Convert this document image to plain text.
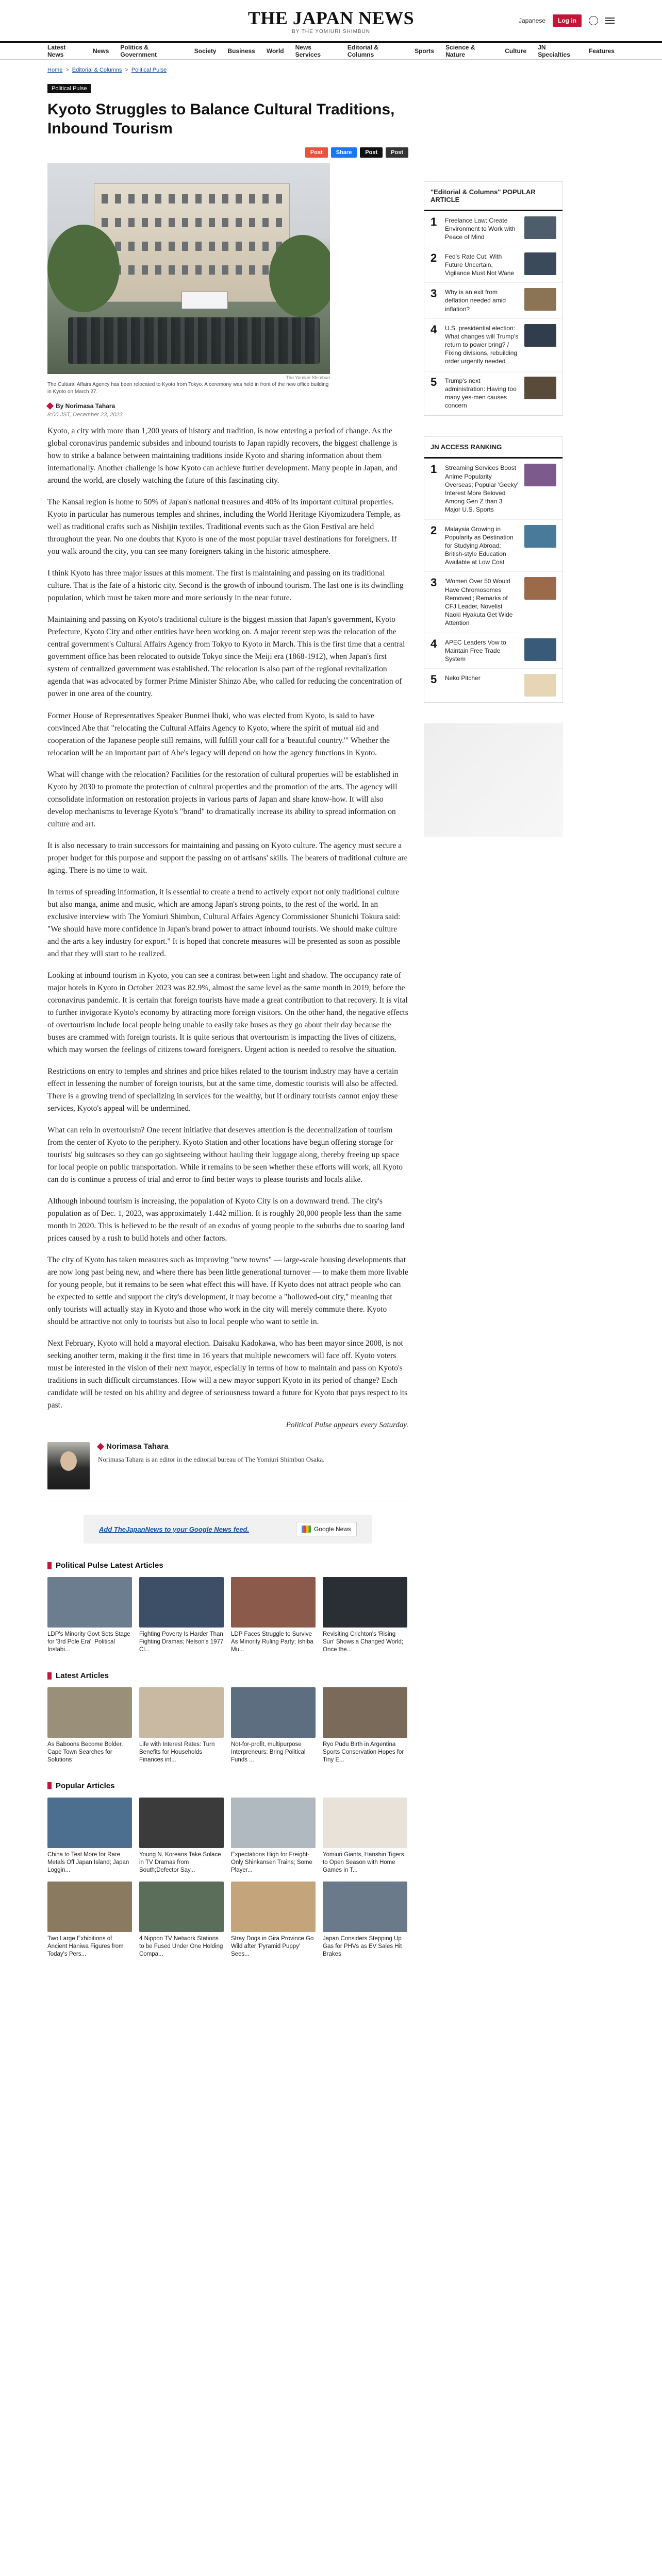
THE JAPAN NEWS
BY THE YOMIURI SHIMBUN
Japanese	Log in
Latest News	News Politics & Government	Society Business World News Services
Editorial & Columns	Sports Science & Nature	Culture JN Specialties	Features
Home > Editorial & Columns > Political Pulse
Political Pulse
Kyoto Struggles to Balance Cultural Traditions, Inbound Tourism
Post	Share	Post	Post
The Yomiuri Shimbun
The Cultural Affairs Agency has been relocated to Kyoto from Tokyo. A ceremony was held in front of the new office building in Kyoto on March 27.
By Norimasa Tahara
8:00 JST, December 23, 2023

Kyoto, a city with more than 1,200 years of history and tradition, is now entering a period of change. As the global coronavirus pandemic subsides and inbound tourists to Japan rapidly recovers, the biggest challenge is how to strike a balance between maintaining traditions inside Kyoto and sharing information about them internationally. Another challenge is how Kyoto can achieve further development. Many people in Japan, and around the world, are closely watching the future of this fascinating city.

The Kansai region is home to 50% of Japan's national treasures and 40% of its important cultural properties. Kyoto in particular has numerous temples and shrines, including the World Heritage Kiyomizudera Temple, as well as traditional crafts such as Nishijin textiles. Traditional events such as the Gion Festival are held throughout the year. No one doubts that Kyoto is one of the most popular travel destinations for foreigners. If you walk around the city, you can see many foreigners taking in the historic atmosphere.

I think Kyoto has three major issues at this moment. The first is maintaining and passing on its traditional culture. That is the fate of a historic city. Second is the growth of inbound tourism. The last one is its dwindling population, which must be taken more and more seriously in the near future.

Maintaining and passing on Kyoto's traditional culture is the biggest mission that Japan's government, Kyoto Prefecture, Kyoto City and other entities have been working on. A major recent step was the relocation of the central government's Cultural Affairs Agency from Tokyo to Kyoto in March. This is the first time that a central government office has been relocated to outside Tokyo since the Meiji era (1868-1912), when Japan's first system of centralized government was established. The relocation is also part of the regional revitalization agenda that was advocated by former Prime Minister Shinzo Abe, who called for reducing the concentration of power in one area of the country.

Former House of Representatives Speaker Bunmei Ibuki, who was elected from Kyoto, is said to have convinced Abe that "relocating the Cultural Affairs Agency to Kyoto, where the spirit of mutual aid and cooperation of the Japanese people still remains, will fulfill your call for a 'beautiful country.'" Whether the relocation will be an important part of Abe's legacy will depend on how the agency functions in Kyoto.

What will change with the relocation? Facilities for the restoration of cultural properties will be established in Kyoto by 2030 to promote the protection of cultural properties and the promotion of the arts. The agency will consolidate information on restoration projects in various parts of Japan and share know-how. It will also develop mechanisms to leverage Kyoto's "brand" to dramatically increase its ability to spread information on culture and art.

It is also necessary to train successors for maintaining and passing on Kyoto culture. The agency must secure a proper budget for this purpose and support the passing on of artisans' skills. The bearers of traditional culture are aging. There is no time to wait.

In terms of spreading information, it is essential to create a trend to actively export not only traditional culture but also manga, anime and music, which are among Japan's strong points, to the rest of the world. In an exclusive interview with The Yomiuri Shimbun, Cultural Affairs Agency Commissioner Shunichi Tokura said: "We should have more confidence in Japan's brand power to attract inbound tourists. We should make culture and the arts a key industry for export." It is hoped that concrete measures will be presented as soon as possible and that they will start to be realized.

Looking at inbound tourism in Kyoto, you can see a contrast between light and shadow. The occupancy rate of major hotels in Kyoto in October 2023 was 82.9%, almost the same level as the same month in 2019, before the coronavirus pandemic. It is certain that foreign tourists have made a great contribution to that recovery. It is vital to further invigorate Kyoto's economy by attracting more foreign visitors. On the other hand, the negative effects of overtourism include local people being unable to easily take buses as they go about their day because the buses are crammed with foreign tourists. It is quite serious that overtourism is impacting the lives of citizens, which may worsen the feelings of citizens toward foreigners. Urgent action is needed to resolve the situation.

Restrictions on entry to temples and shrines and price hikes related to the tourism industry may have a certain effect in lessening the number of foreign tourists, but at the same time, domestic tourists will also be affected. There is a growing trend of specializing in services for the wealthy, but if ordinary tourists cannot enjoy these services, Kyoto's appeal will be undermined.

What can rein in overtourism? One recent initiative that deserves attention is the decentralization of tourism from the center of Kyoto to the periphery. Kyoto Station and other locations have begun offering storage for tourists' big suitcases so they can go sightseeing without hauling their luggage along, thereby freeing up space for local people on public transportation. While it remains to be seen whether these efforts will work, all Kyoto can do is continue a process of trial and error to find better ways to please tourists and locals alike.

Although inbound tourism is increasing, the population of Kyoto City is on a downward trend. The city's population as of Dec. 1, 2023, was approximately 1.442 million. It is roughly 20,000 people less than the same month in 2020. This is believed to be the result of an exodus of young people to the suburbs due to soaring land prices caused by a rush to build hotels and other factors.

The city of Kyoto has taken measures such as improving "new towns" — large-scale housing developments that are now long past being new, and where there has been little generational turnover — to make them more livable for young people, but it remains to be seen what effect this will have. If Kyoto does not attract people who can be expected to settle and support the city's development, it may become a "hollowed-out city," meaning that only tourists will actually stay in Kyoto and those who work in the city will merely commute there. Kyoto should be attractive not only to tourists but also to local people who want to settle in.

Next February, Kyoto will hold a mayoral election. Daisaku Kadokawa, who has been mayor since 2008, is not seeking another term, making it the first time in 16 years that multiple newcomers will face off. Kyoto voters must be interested in the vision of their next mayor, especially in terms of how to maintain and pass on Kyoto's traditions in such difficult circumstances. How will a new mayor support Kyoto in its period of change? Each candidate will be tested on his ability and degree of seriousness toward a future for Kyoto that pays respect to its past.

Political Pulse appears every Saturday.

Norimasa Tahara
Norimasa Tahara is an editor in the editorial bureau of The Yomiuri Shimbun Osaka.
Add TheJapanNews to your Google News feed.	Google News
Political Pulse Latest Articles
LDP's Minority Govt Sets Stage for '3rd Pole Era'; Political Instabi...
Fighting Poverty Is Harder Than Fighting Dramas; Nelson's 1977 Cl...
LDP Faces Struggle to Survive As Minority Ruling Party; Ishiba Mu...
Revisiting Crichton's 'Rising Sun' Shows a Changed World; Once the...
Latest Articles
As Baboons Become Bolder, Cape Town Searches for Solutions
Life with Interest Rates: Turn Benefits for Households Finances int...
Not-for-profit, multipurpose Interpreneurs: Bring Political Funds ...
Ryo Pudu Birth in Argentina Sports Conservation Hopes for Tiny E...
Popular Articles
China to Test More for Rare Metals Off Japan Island; Japan Loggin...
Young N. Koreans Take Solace in TV Dramas from South;Defector Say...
Expectations High for Freight-Only Shinkansen Trains; Some Player...
Yomiuri Giants, Hanshin Tigers to Open Season with Home Games in T...
Two Large Exhibitions of Ancient Haniwa Figures from Today's Pers...
4 Nippon TV Network Stations to be Fused Under One Holding Compa...
Stray Dogs in Gira Province Go Wild after 'Pyramid Puppy' Sees...
Japan Considers Stepping Up Gas for PHVs as EV Sales Hit Brakes
"Editorial & Columns" POPULAR ARTICLE
1	Freelance Law: Create Environment to Work with Peace of Mind
2	Fed's Rate Cut: With Future Uncertain, Vigilance Must Not Wane
3	Why is an exit from deflation needed amid inflation?
4	U.S. presidential election: What changes will Trump's return to power bring? / Fixing divisions, rebuilding order urgently needed
5	Trump's next administration: Having too many yes-men causes concern
JN ACCESS RANKING
1	Streaming Services Boost Anime Popularity Overseas; Popular 'Geeky' Interest More Beloved Among Gen Z than 3 Major U.S. Sports
2	Malaysia Growing in Popularity as Destination for Studying Abroad; British-style Education Available at Low Cost
3	'Women Over 50 Would Have Chromosomes Removed'; Remarks of CFJ Leader, Novelist Naoki Hyakuta Get Wide Attention
4	APEC Leaders Vow to Maintain Free Trade System
5	Neko Pitcher
